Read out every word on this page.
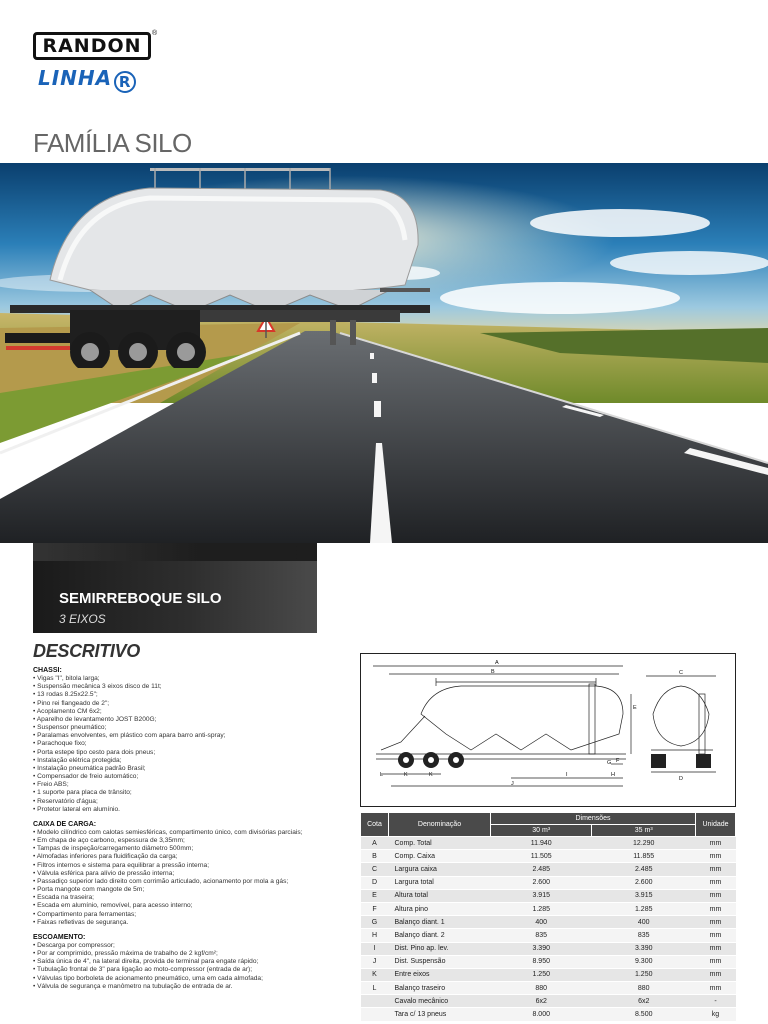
RANDON
®
LINHA R
FAMÍLIA SILO
SEMIRREBOQUE SILO
3 EIXOS
DESCRITIVO
CHASSI:
• Vigas "I", bitola larga;
• Suspensão mecânica 3 eixos disco de 11t;
• 13 rodas 8.25x22.5";
• Pino rei flangeado de 2";
• Acoplamento CM 6x2;
• Aparelho de levantamento JOST B200G;
• Suspensor pneumático;
• Paralamas envolventes, em plástico com apara barro anti-spray;
• Parachoque fixo;
• Porta estepe tipo cesto para dois pneus;
• Instalação elétrica protegida;
• Instalação pneumática padrão Brasil;
• Compensador de freio automático;
• Freio ABS;
• 1 suporte para placa de trânsito;
• Reservatório d'água;
• Protetor lateral em alumínio.
CAIXA DE CARGA:
• Modelo cilíndrico com calotas semiesféricas, compartimento único, com divisórias parciais;
• Em chapa de aço carbono, espessura de 3,35mm;
• Tampas de inspeção/carregamento diâmetro 500mm;
• Almofadas inferiores para fluidificação da carga;
• Filtros internos e sistema para equilibrar a pressão interna;
• Válvula esférica para alívio de pressão interna;
• Passadiço superior lado direito com corrimão articulado, acionamento por mola a gás;
• Porta mangote com mangote de 5m;
• Escada na traseira;
• Escada em alumínio, removível, para acesso interno;
• Compartimento para ferramentas;
• Faixas refletivas de segurança.
ESCOAMENTO:
• Descarga por compressor;
• Por ar comprimido, pressão máxima de trabalho de 2 kgf/cm²;
• Saída única de 4", na lateral direita, provida de terminal para engate rápido;
• Tubulação frontal de 3" para ligação ao moto-compressor (entrada de ar);
• Válvulas tipo borboleta de acionamento pneumático, uma em cada almofada;
• Válvula de segurança e manômetro na tubulação de entrada de ar.
A
B	C
D
E
F
G
H
I
J
K	K
L
Cota	Denominação	Dimensões		Unidade
		30 m³	35 m³	
A	Comp. Total	11.940	12.290	mm
B	Comp. Caixa	11.505	11.855	mm
C	Largura caixa	2.485	2.485	mm
D	Largura total	2.600	2.600	mm
E	Altura total	3.915	3.915	mm
F	Altura pino	1.285	1.285	mm
G	Balanço diant. 1	400	400	mm
H	Balanço diant. 2	835	835	mm
I	Dist. Pino ap. lev.	3.390	3.390	mm
J	Dist. Suspensão	8.950	9.300	mm
K	Entre eixos	1.250	1.250	mm
L	Balanço traseiro	880	880	mm
	Cavalo mecânico	6x2	6x2	-
	Tara c/ 13 pneus	8.000	8.500	kg
